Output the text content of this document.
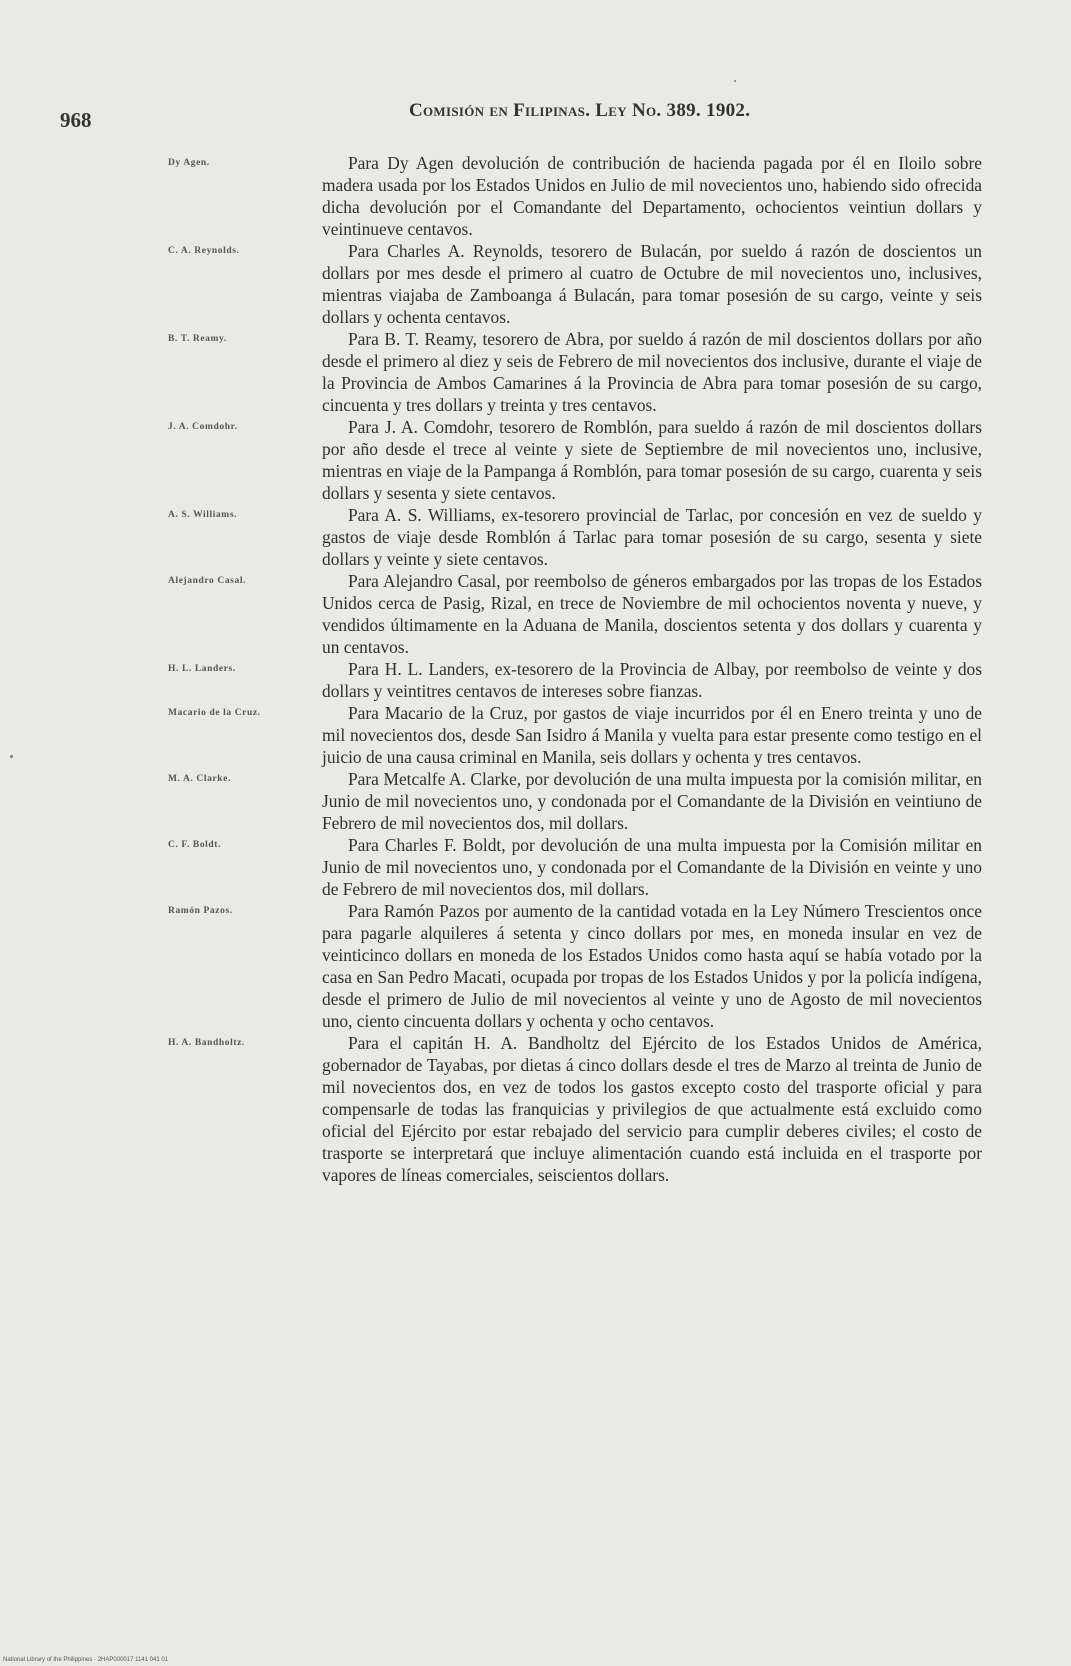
968	Comisión en Filipinas. Ley No. 389. 1902.
Dy Agen.	Para Dy Agen devolución de contribución de hacienda pagada por él en Iloilo sobre madera usada por los Estados Unidos en Julio de mil novecientos uno, habiendo sido ofrecida dicha devolución por el Comandante del Departamento, ochocientos veintiun dollars y veintinueve centavos.
C. A. Reynolds.	Para Charles A. Reynolds, tesorero de Bulacán, por sueldo á razón de doscientos un dollars por mes desde el primero al cuatro de Octubre de mil novecientos uno, inclusives, mientras viajaba de Zamboanga á Bulacán, para tomar posesión de su cargo, veinte y seis dollars y ochenta centavos.
B. T. Reamy.	Para B. T. Reamy, tesorero de Abra, por sueldo á razón de mil doscientos dollars por año desde el primero al diez y seis de Febrero de mil novecientos dos inclusive, durante el viaje de la Provincia de Ambos Camarines á la Provincia de Abra para tomar posesión de su cargo, cincuenta y tres dollars y treinta y tres centavos.
J. A. Comdohr.	Para J. A. Comdohr, tesorero de Romblón, para sueldo á razón de mil doscientos dollars por año desde el trece al veinte y siete de Septiembre de mil novecientos uno, inclusive, mientras en viaje de la Pampanga á Romblón, para tomar posesión de su cargo, cuarenta y seis dollars y sesenta y siete centavos.
A. S. Williams.	Para A. S. Williams, ex-tesorero provincial de Tarlac, por concesión en vez de sueldo y gastos de viaje desde Romblón á Tarlac para tomar posesión de su cargo, sesenta y siete dollars y veinte y siete centavos.
Alejandro Casal.	Para Alejandro Casal, por reembolso de géneros embargados por las tropas de los Estados Unidos cerca de Pasig, Rizal, en trece de Noviembre de mil ochocientos noventa y nueve, y vendidos últimamente en la Aduana de Manila, doscientos setenta y dos dollars y cuarenta y un centavos.
H. L. Landers.	Para H. L. Landers, ex-tesorero de la Provincia de Albay, por reembolso de veinte y dos dollars y veintitres centavos de intereses sobre fianzas.
Macario de la Cruz.	Para Macario de la Cruz, por gastos de viaje incurridos por él en Enero treinta y uno de mil novecientos dos, desde San Isidro á Manila y vuelta para estar presente como testigo en el juicio de una causa criminal en Manila, seis dollars y ochenta y tres centavos.
M. A. Clarke.	Para Metcalfe A. Clarke, por devolución de una multa impuesta por la comisión militar, en Junio de mil novecientos uno, y condonada por el Comandante de la División en veintiuno de Febrero de mil novecientos dos, mil dollars.
C. F. Boldt.	Para Charles F. Boldt, por devolución de una multa impuesta por la Comisión militar en Junio de mil novecientos uno, y condonada por el Comandante de la División en veinte y uno de Febrero de mil novecientos dos, mil dollars.
Ramón Pazos.	Para Ramón Pazos por aumento de la cantidad votada en la Ley Número Trescientos once para pagarle alquileres á setenta y cinco dollars por mes, en moneda insular en vez de veinticinco dollars en moneda de los Estados Unidos como hasta aquí se había votado por la casa en San Pedro Macati, ocupada por tropas de los Estados Unidos y por la policía indígena, desde el primero de Julio de mil novecientos al veinte y uno de Agosto de mil novecientos uno, ciento cincuenta dollars y ochenta y ocho centavos.
H. A. Bandholtz.	Para el capitán H. A. Bandholtz del Ejército de los Estados Unidos de América, gobernador de Tayabas, por dietas á cinco dollars desde el tres de Marzo al treinta de Junio de mil novecientos dos, en vez de todos los gastos excepto costo del trasporte oficial y para compensarle de todas las franquicias y privilegios de que actualmente está excluido como oficial del Ejército por estar rebajado del servicio para cumplir deberes civiles; el costo de trasporte se interpretará que incluye alimentación cuando está incluida en el trasporte por vapores de líneas comerciales, seiscientos dollars.
National Library of the Philippines · 2HAP000017 1141 041 01
